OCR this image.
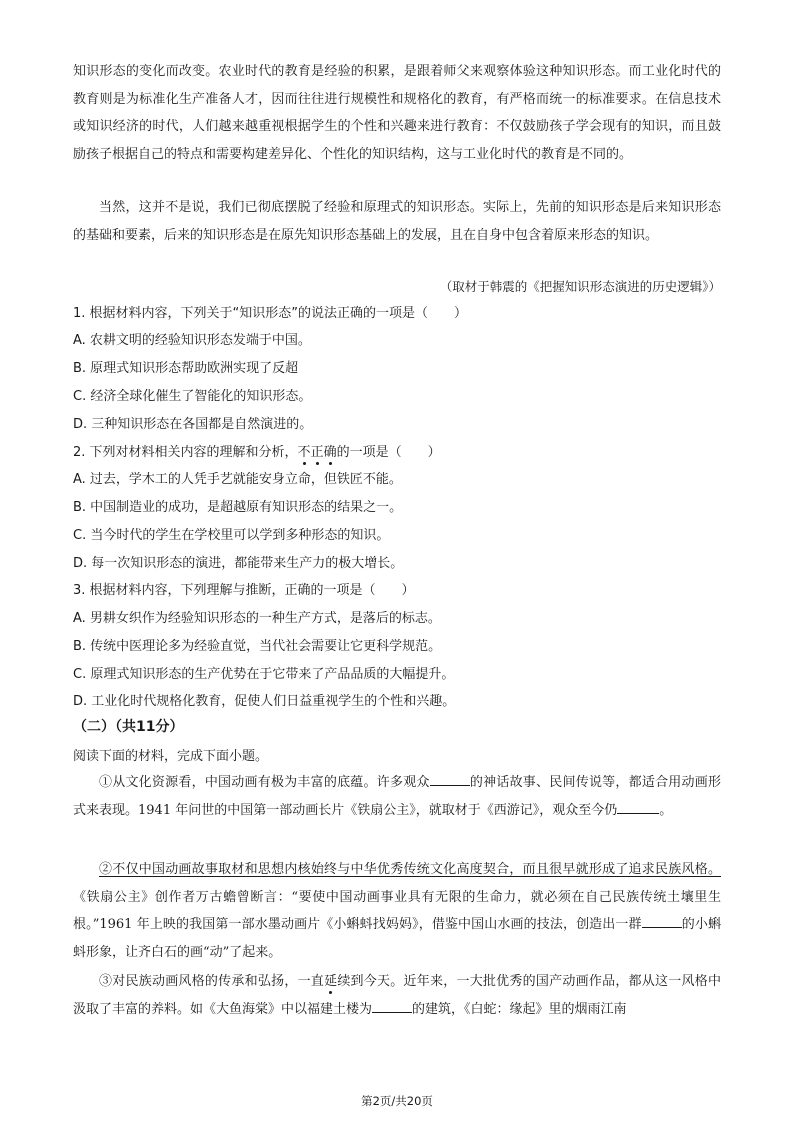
知识形态的变化而改变。农业时代的教育是经验的积累，是跟着师父来观察体验这种知识形态。而工业化时代的教育则是为标准化生产准备人才，因而往往进行规模性和规格化的教育，有严格而统一的标准要求。在信息技术或知识经济的时代，人们越来越重视根据学生的个性和兴趣来进行教育：不仅鼓励孩子学会现有的知识，而且鼓励孩子根据自己的特点和需要构建差异化、个性化的知识结构，这与工业化时代的教育是不同的。

当然，这并不是说，我们已彻底摆脱了经验和原理式的知识形态。实际上，先前的知识形态是后来知识形态的基础和要素，后来的知识形态是在原先知识形态基础上的发展，且在自身中包含着原来形态的知识。

（取材于韩震的《把握知识形态演进的历史逻辑》）
1. 根据材料内容，下列关于“知识形态”的说法正确的一项是（　　）
A. 农耕文明的经验知识形态发端于中国。
B. 原理式知识形态帮助欧洲实现了反超
C. 经济全球化催生了智能化的知识形态。
D. 三种知识形态在各国都是自然演进的。
2. 下列对材料相关内容的理解和分析，不正确的一项是（　　）
A. 过去，学木工的人凭手艺就能安身立命，但铁匠不能。
B. 中国制造业的成功，是超越原有知识形态的结果之一。
C. 当今时代的学生在学校里可以学到多种形态的知识。
D. 每一次知识形态的演进，都能带来生产力的极大增长。
3. 根据材料内容，下列理解与推断，正确的一项是（　　）
A. 男耕女织作为经验知识形态的一种生产方式，是落后的标志。
B. 传统中医理论多为经验直觉，当代社会需要让它更科学规范。
C. 原理式知识形态的生产优势在于它带来了产品品质的大幅提升。
D. 工业化时代规格化教育，促使人们日益重视学生的个性和兴趣。
（二）（共11分）
阅读下面的材料，完成下面小题。

①从文化资源看，中国动画有极为丰富的底蕴。许多观众	的神话故事、民间传说等，都适合用动画形式来表现。1941 年问世的中国第一部动画长片《铁扇公主》，就取材于《西游记》，观众至今仍	。

②不仅中国动画故事取材和思想内核始终与中华优秀传统文化高度契合，而且很早就形成了追求民族风格。《铁扇公主》创作者万古蟾曾断言：“要使中国动画事业具有无限的生命力，就必须在自己民族传统土壤里生根。”1961 年上映的我国第一部水墨动画片《小蝌蚪找妈妈》，借鉴中国山水画的技法，创造出一群	的小蝌蚪形象，让齐白石的画“动”了起来。

③对民族动画风格的传承和弘扬，一直延续到今天。近年来，一大批优秀的国产动画作品，都从这一风格中汲取了丰富的养料。如《大鱼海棠》中以福建土楼为	的建筑，《白蛇：缘起》里的烟雨江南

第2页/共20页
